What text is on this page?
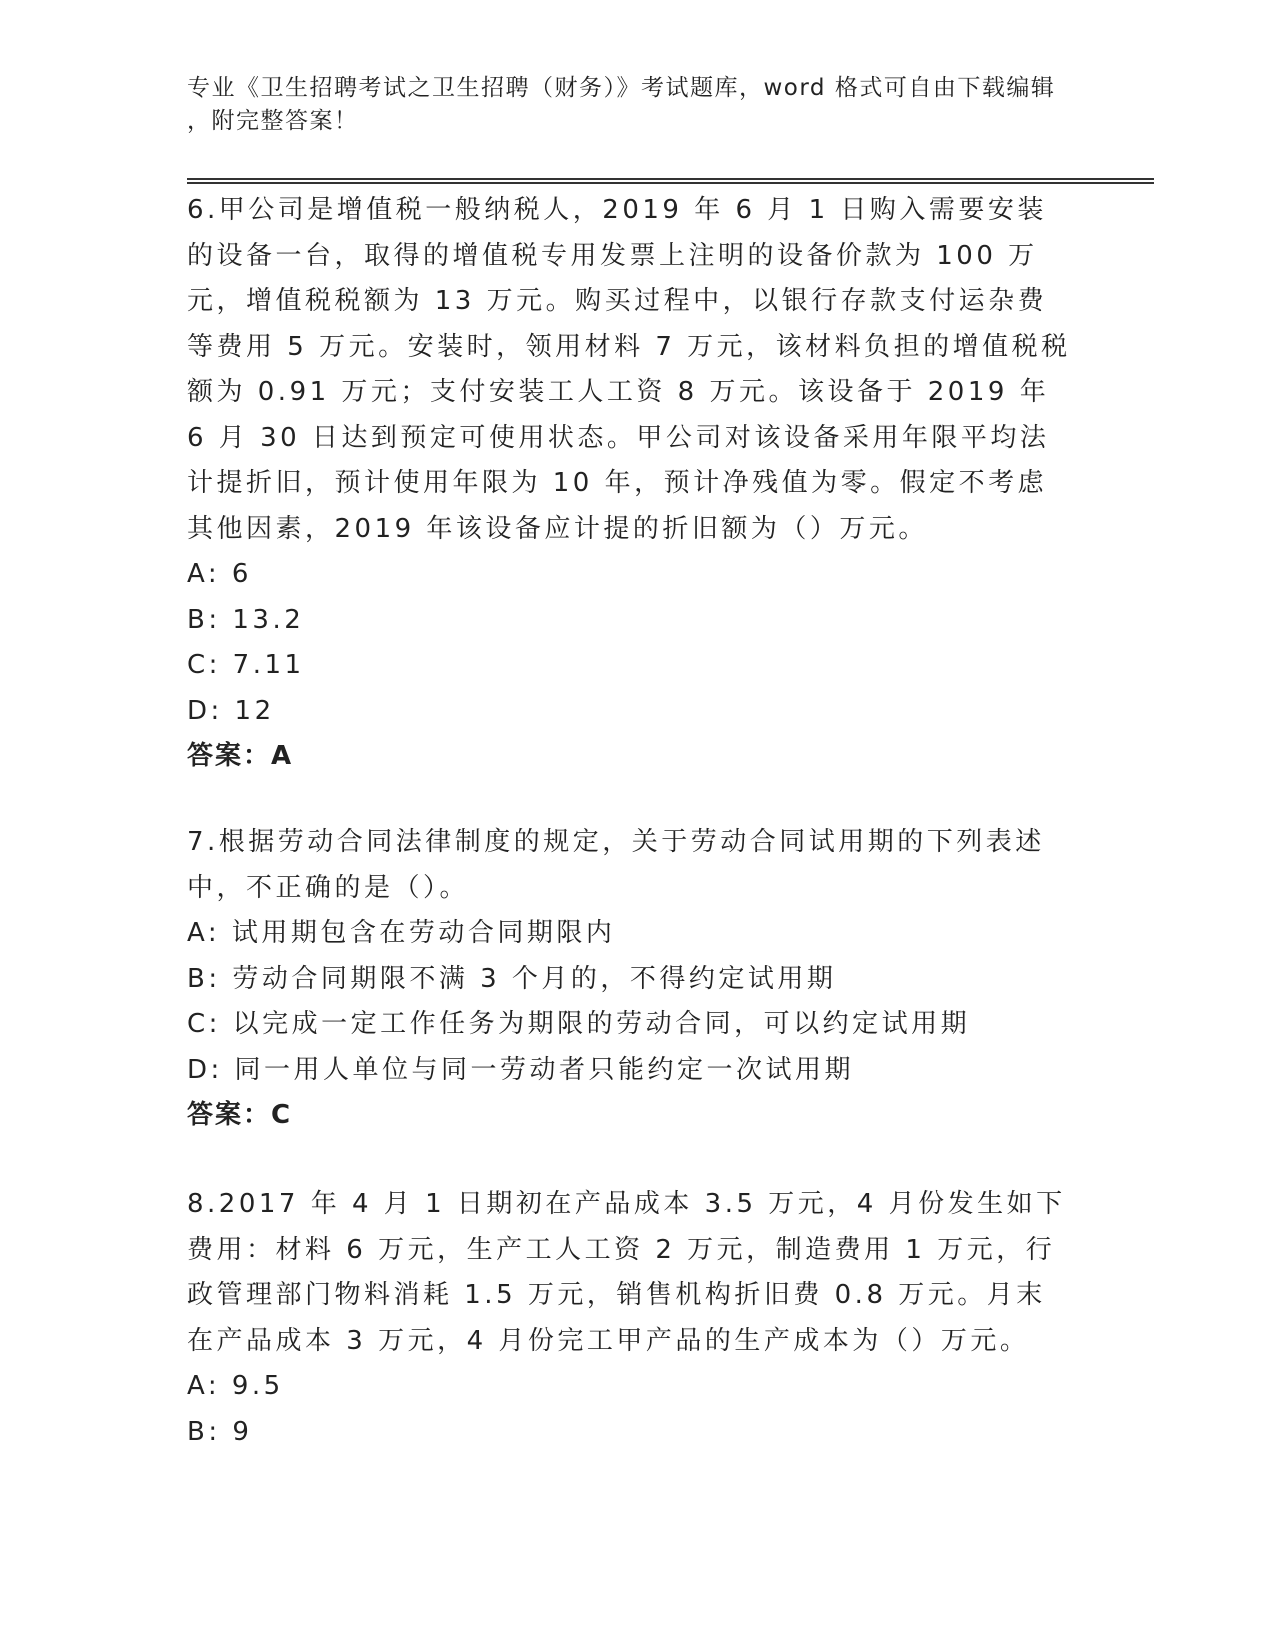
专业《卫生招聘考试之卫生招聘（财务）》考试题库，word 格式可自由下载编辑
，附完整答案！

6.甲公司是增值税一般纳税人，2019 年 6 月 1 日购入需要安装的设备一台，取得的增值税专用发票上注明的设备价款为 100 万元，增值税税额为 13 万元。购买过程中，以银行存款支付运杂费等费用 5 万元。安装时，领用材料 7 万元，该材料负担的增值税税额为 0.91 万元；支付安装工人工资 8 万元。该设备于 2019 年 6 月 30 日达到预定可使用状态。甲公司对该设备采用年限平均法计提折旧，预计使用年限为 10 年，预计净残值为零。假定不考虑其他因素，2019 年该设备应计提的折旧额为（）万元。

A: 6

B: 13.2

C: 7.11

D: 12

答案：A

7.根据劳动合同法律制度的规定，关于劳动合同试用期的下列表述中，不正确的是（）。

A: 试用期包含在劳动合同期限内

B: 劳动合同期限不满 3 个月的，不得约定试用期

C: 以完成一定工作任务为期限的劳动合同，可以约定试用期

D: 同一用人单位与同一劳动者只能约定一次试用期

答案：C

8.2017 年 4 月 1 日期初在产品成本 3.5 万元，4 月份发生如下费用：材料 6 万元，生产工人工资 2 万元，制造费用 1 万元，行政管理部门物料消耗 1.5 万元，销售机构折旧费 0.8 万元。月末在产品成本 3 万元，4 月份完工甲产品的生产成本为（）万元。

A: 9.5

B: 9
